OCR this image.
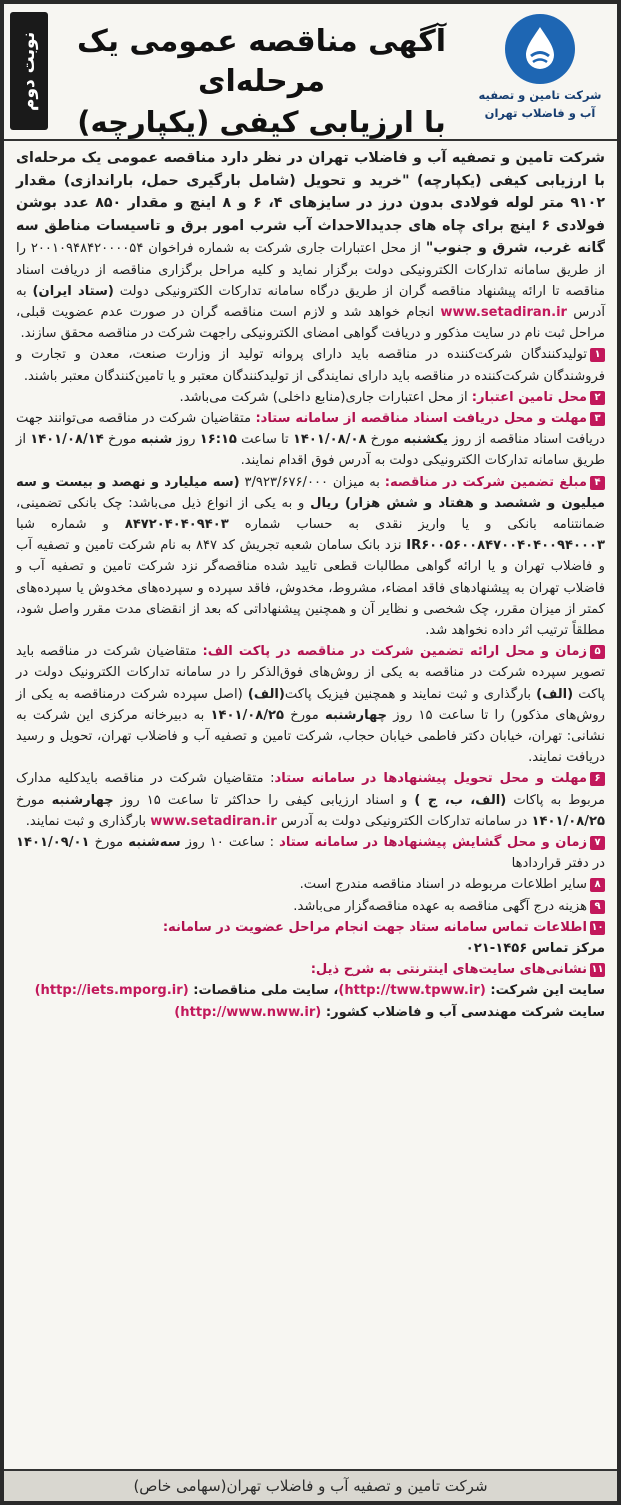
نوبت دوم	آگهی مناقصه عمومی یک مرحله‌ای
با ارزیابی کیفی (یکپارچه)
شرکت تامین و تصفیه
آب و فاضلاب تهران

شرکت تامین و تصفیه آب و فاضلاب تهران در نظر دارد مناقصه عمومی یک مرحله‌ای با ارزیابی کیفی (یکپارچه) "خرید و تحویل (شامل بارگیری حمل، باراندازی) مقدار ۹۱۰۲ متر لوله فولادی بدون درز در سایزهای ۴، ۶ و ۸ اینچ و مقدار ۸۵۰ عدد بوشن فولادی ۶ اینچ برای چاه های جدیدالاحداث آب شرب امور برق و تاسیسات مناطق سه گانه غرب، شرق و جنوب" از محل اعتبارات جاری شرکت به شماره فراخوان ۲۰۰۱۰۹۴۸۴۲۰۰۰۰۵۴ را از طریق سامانه تدارکات الکترونیکی دولت برگزار نماید و کلیه مراحل برگزاری مناقصه از دریافت اسناد مناقصه تا ارائه پیشنهاد مناقصه گران از طریق درگاه سامانه تدارکات الکترونیکی دولت (ستاد ایران) به آدرس www.setadiran.ir انجام خواهد شد و لازم است مناقصه گران در صورت عدم عضویت قبلی، مراحل ثبت نام در سایت مذکور و دریافت گواهی امضای الکترونیکی راجهت شرکت در مناقصه محقق سازند.

۱تولیدکنندگان شرکت‌کننده در مناقصه باید دارای پروانه تولید از وزارت صنعت، معدن و تجارت و فروشندگان شرکت‌کننده در مناقصه باید دارای نمایندگی از تولیدکنندگان معتبر و یا تامین‌کنندگان معتبر باشند.

۲محل تامین اعتبار: از محل اعتبارات جاری(منابع داخلی) شرکت می‌باشد.

۳مهلت و محل دریافت اسناد مناقصه از سامانه ستاد: متقاضیان شرکت در مناقصه می‌توانند جهت دریافت اسناد مناقصه از روز یکشنبه مورخ ۱۴۰۱/۰۸/۰۸ تا ساعت ۱۶:۱۵ روز شنبه مورخ ۱۴۰۱/۰۸/۱۴ از طریق سامانه تدارکات الکترونیکی دولت به آدرس فوق اقدام نمایند.

۴مبلغ تضمین شرکت در مناقصه: به میزان ۳/۹۲۳/۶۷۶/۰۰۰ (سه میلیارد و نهصد و بیست و سه میلیون و ششصد و هفتاد و شش هزار) ریال و به یکی از انواع ذیل می‌باشد: چک بانکی تضمینی، ضمانتنامه بانکی و یا واریز نقدی به حساب شماره ۸۴۷۲۰۴۰۴۰۹۴۰۳ و شماره شبا IR۶۰۰۵۶۰۰۸۴۷۰۰۴۰۴۰۰۹۴۰۰۰۳ نزد بانک سامان شعبه تجریش کد ۸۴۷ به نام شرکت تامین و تصفیه آب و فاضلاب تهران و یا ارائه گواهی مطالبات قطعی تایید شده مناقصه‌گر نزد شرکت تامین و تصفیه آب و فاضلاب تهران به پیشنهادهای فاقد امضاء، مشروط، مخدوش، فاقد سپرده و سپرده‌های مخدوش یا سپرده‌های کمتر از میزان مقرر، چک شخصی و نظایر آن و همچنین پیشنهاداتی که بعد از انقضای مدت مقرر واصل شود، مطلقاً ترتیب اثر داده نخواهد شد.

۵زمان و محل ارائه تضمین شرکت در مناقصه در پاکت الف: متقاضیان شرکت در مناقصه باید تصویر سپرده شرکت در مناقصه به یکی از روش‌های فوق‌الذکر را در سامانه تدارکات الکترونیک دولت در پاکت (الف) بارگذاری و ثبت نمایند و همچنین فیزیک پاکت(الف) (اصل سپرده شرکت درمناقصه به یکی از روش‌های مذکور) را تا ساعت ۱۵ روز چهارشنبه مورخ ۱۴۰۱/۰۸/۲۵ به دبیرخانه مرکزی این شرکت به نشانی: تهران، خیابان دکتر فاطمی خیابان حجاب، شرکت تامین و تصفیه آب و فاضلاب تهران، تحویل و رسید دریافت نمایند.

۶مهلت و محل تحویل پیشنهادها در سامانه ستاد: متقاضیان شرکت در مناقصه بایدکلیه مدارک مربوط به پاکات (الف، ب، ج ) و اسناد ارزیابی کیفی را حداکثر تا ساعت ۱۵ روز چهارشنبه مورخ ۱۴۰۱/۰۸/۲۵ در سامانه تدارکات الکترونیکی دولت به آدرس www.setadiran.ir بارگذاری و ثبت نمایند.

۷زمان و محل گشایش پیشنهادها در سامانه ستاد : ساعت ۱۰ روز سه‌شنبه مورخ ۱۴۰۱/۰۹/۰۱ در دفتر قراردادها

۸سایر اطلاعات مربوطه در اسناد مناقصه مندرج است.

۹هزینه درج آگهی مناقصه به عهده مناقصه‌گزار می‌باشد.

۱۰اطلاعات تماس سامانه ستاد جهت انجام مراحل عضویت در سامانه:

مرکز تماس ۱۴۵۶-۰۲۱

۱۱نشانی‌های سایت‌های اینترنتی به شرح ذیل:

سایت این شرکت: (http://tww.tpww.ir)، سایت ملی مناقصات: (http://iets.mporg.ir)

سایت شرکت مهندسی آب و فاضلاب کشور: (http://www.nww.ir)

شرکت تامین و تصفیه آب و فاضلاب تهران(سهامی خاص)
